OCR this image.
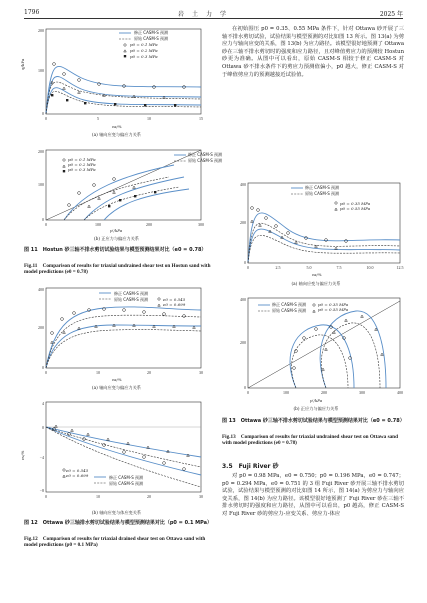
1796	岩　土　力　学	2025 年
0	5	10	15
0
100
200	修正 CASM-S 预测
原始 CASM-S 预测
p0 = 0.1 MPa
p0 = 0.2 MPa
p0 = 0.3 MPa
q/kPa
εa/%
(a) 轴向应变与偏应力关系
0	100	200	300
0
100
200
修正 CASM-S 预测
原始 CASM-S 预测
p0 = 0.1 MPa
p0 = 0.2 MPa
p0 = 0.3 MPa
p′/kPa
(b) 正应力与偏应力关系
图 11　Hostun 砂三轴不排水剪切试验结果与模型预测结果对比（e0 = 0.78）
Fig.11　Comparison of results for triaxial undrained shear test on Hostun sand with model predictions (e0 = 0.78)
0	10	20	30
0
200
400
修正 CASM-S 预测
原始 CASM-S 预测	e0 = 0.545
e0 = 0.699
εa/%
(a) 轴向应变与偏应力关系
0	10	20	30
4
0
−4
−8
e0 = 0.545
e0 = 0.699	修正 CASM-S 预测
原始 CASM-S 预测
εv/%
(b) 轴向应变与体应变关系
图 12　Ottawa 砂三轴排水剪切试验结果与模型预测结果对比（p0 = 0.1 MPa）
Fig.12　Comparison of results for triaxial drained shear test on Ottawa sand with model predictions (p0 = 0.1 MPa)
在初始围压 p0 = 0.35、0.55 MPa 条件下，针对 Ottawa 砂开展了三轴不排水剪切试验，试验结果与模型预测的对比如图 13 所示。图 13(a) 为剪应力与轴向应变的关系，图 13(b) 为应力路径。该模型很好地预测了 Ottawa 砂在三轴不排水剪切时的强度和应力路径，且对峰值剪应力的预测较 Hostun 砂更为准确。从图中可以看出，原始 CASM-S 相较于修正 CASM-S 对 Ottawa 砂不排水条件下的剪应力预测值偏小，p0 越大，修正 CASM-S 对于峰值剪应力的预测越接近试验值。
0	2.5	5.0	7.5	10.0	12.5
0
200
400
修正 CASM-S 预测
原始 CASM-S 预测
p0 = 0.35 MPa
p0 = 0.55 MPa
εa/%
(a) 轴向应变与偏应力关系
0	100	200	300	400
0
200
400
修正 CASM-S 预测
原始 CASM-S 预测
p0 = 0.35 MPa
p0 = 0.55 MPa
p′/kPa
(b) 正应力与偏应力关系
图 13　Ottawa 砂三轴不排水剪切试验结果与模型预测结果对比（e0 = 0.78）
Fig.13　Comparison of results for triaxial undrained shear test on Ottawa sand with model predictions (e0 = 0.78)
3.5　Fuji River 砂
对 p0 = 0.98 MPa，e0 = 0.750；p0 = 0.196 MPa，e0 = 0.747；p0 = 0.294 MPa，e0 = 0.751 的 3 组 Fuji River 砂开展三轴不排水剪切试验，试验结果与模型预测的对比如图 14 所示，图 14(a) 为剪应力与轴向应变关系，图 14(b) 为应力路径。该模型很好地预测了 Fuji River 砂在三轴不排水剪切时的强度和应力路径，从图中可以看出，p0 越高，修正 CASM-S 对 Fuji River 砂的剪应力-应变关系、剪应力-体应
